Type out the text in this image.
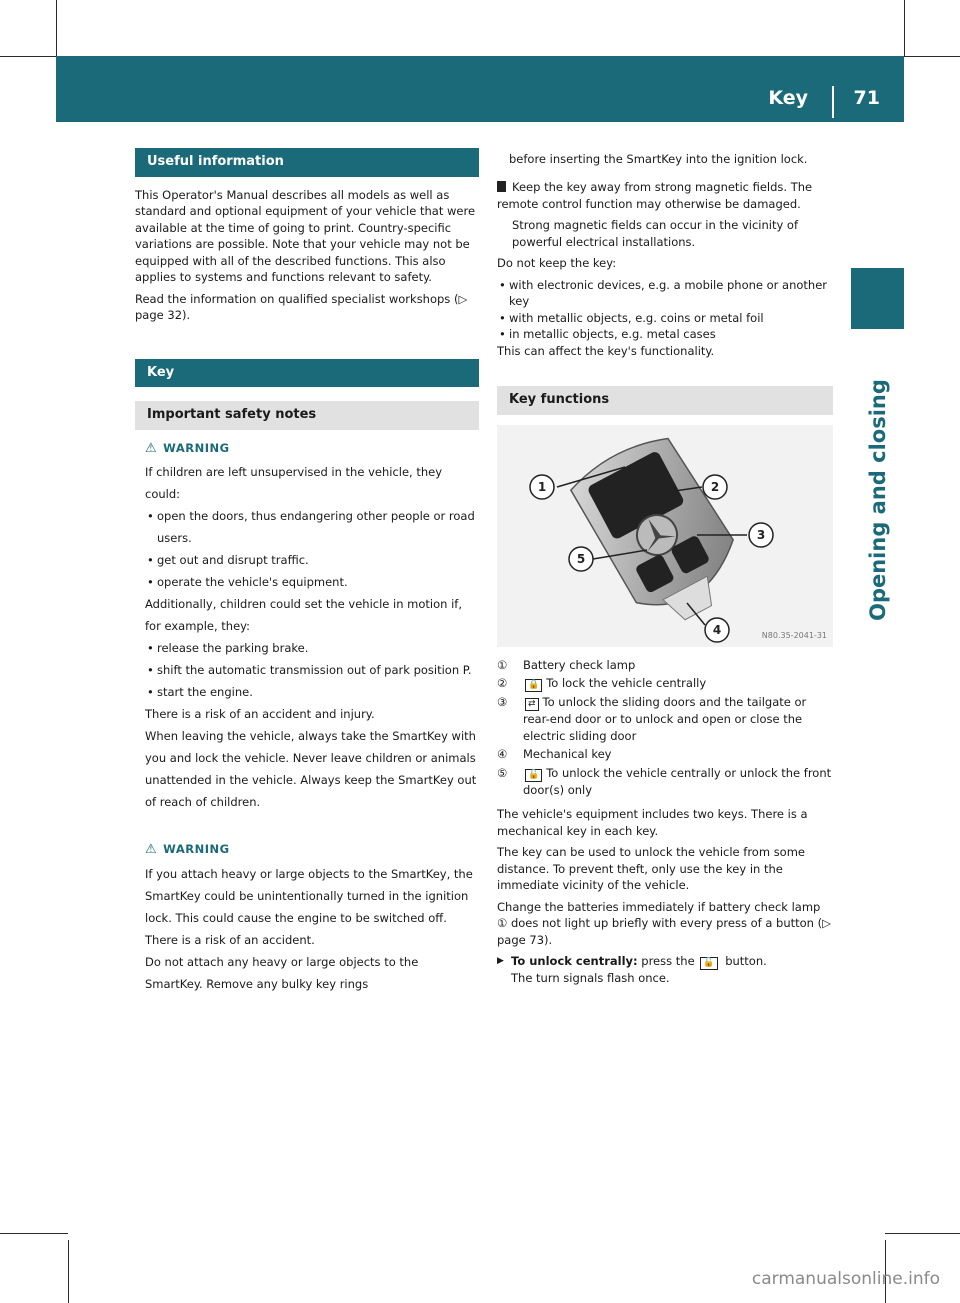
Key 71
Opening and closing
Useful information

This Operator's Manual describes all models as well as standard and optional equipment of your vehicle that were available at the time of going to print. Country-specific variations are possible. Note that your vehicle may not be equipped with all of the described functions. This also applies to systems and functions relevant to safety.

Read the information on qualified specialist workshops (▷ page 32).

Key
Important safety notes
⚠ WARNING

If children are left unsupervised in the vehicle, they could:

• open the doors, thus endangering other people or road users.

• get out and disrupt traffic.

• operate the vehicle's equipment.

Additionally, children could set the vehicle in motion if, for example, they:

• release the parking brake.

• shift the automatic transmission out of park position P.

• start the engine.

There is a risk of an accident and injury.

When leaving the vehicle, always take the SmartKey with you and lock the vehicle. Never leave children or animals unattended in the vehicle. Always keep the SmartKey out of reach of children.

⚠ WARNING

If you attach heavy or large objects to the SmartKey, the SmartKey could be unintentionally turned in the ignition lock. This could cause the engine to be switched off.

There is a risk of an accident.

Do not attach any heavy or large objects to the SmartKey. Remove any bulky key rings

before inserting the SmartKey into the ignition lock.

Keep the key away from strong magnetic fields. The remote control function may otherwise be damaged.

Strong magnetic fields can occur in the vicinity of powerful electrical installations.

Do not keep the key:

• with electronic devices, e.g. a mobile phone or another key

• with metallic objects, e.g. coins or metal foil

• in metallic objects, e.g. metal cases

This can affect the key's functionality.

Key functions
1	2
3
5
4	N80.35-2041-31
①	Battery check lamp
②	🔒 To lock the vehicle centrally
③	⇄ To unlock the sliding doors and the tailgate or rear-end door or to unlock and open or close the electric sliding door
④	Mechanical key
⑤	🔓 To unlock the vehicle centrally or unlock the front door(s) only

The vehicle's equipment includes two keys. There is a mechanical key in each key.

The key can be used to unlock the vehicle from some distance. To prevent theft, only use the key in the immediate vicinity of the vehicle.

Change the batteries immediately if battery check lamp ① does not light up briefly with every press of a button (▷ page 73).

▶ To unlock centrally: press the 🔓 button.
The turn signals flash once.
carmanualsonline.info
